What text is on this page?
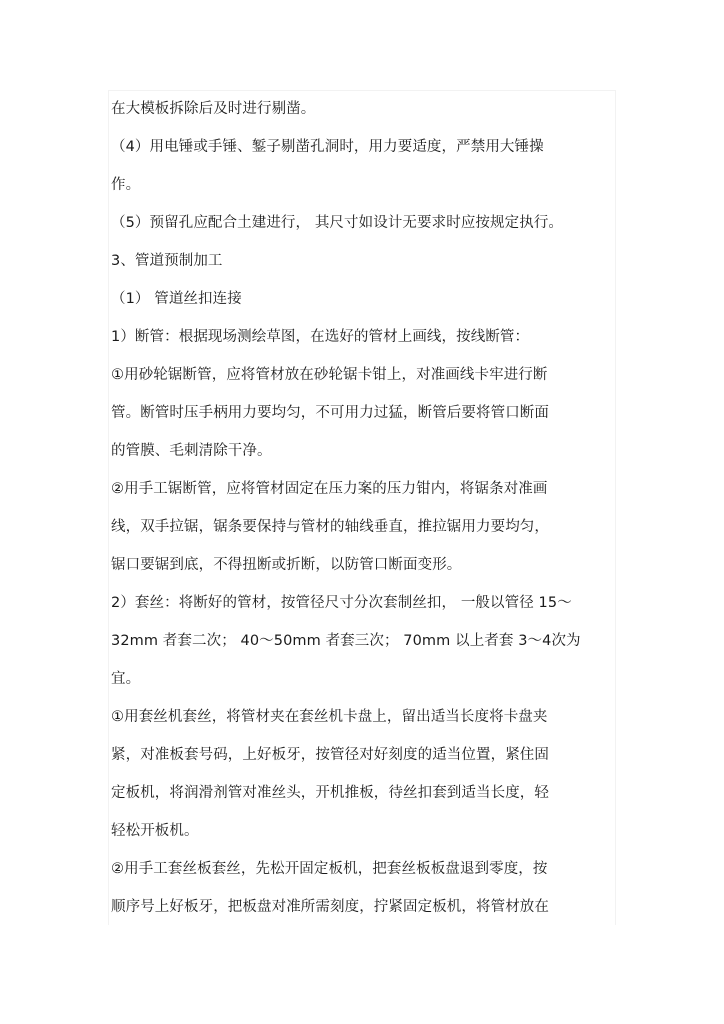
在大模板拆除后及时进行剔凿。
（4）用电锤或手锤、錾子剔凿孔洞时，用力要适度，严禁用大锤操
作。
（5）预留孔应配合土建进行， 其尺寸如设计无要求时应按规定执行。
3、管道预制加工
（1） 管道丝扣连接
1）断管：根据现场测绘草图，在选好的管材上画线，按线断管：
①用砂轮锯断管，应将管材放在砂轮锯卡钳上，对准画线卡牢进行断
管。断管时压手柄用力要均匀，不可用力过猛，断管后要将管口断面
的管膜、毛刺清除干净。
②用手工锯断管，应将管材固定在压力案的压力钳内，将锯条对准画
线，双手拉锯，锯条要保持与管材的轴线垂直，推拉锯用力要均匀，
锯口要锯到底，不得扭断或折断，以防管口断面变形。
2）套丝：将断好的管材，按管径尺寸分次套制丝扣， 一般以管径 15～
32mm 者套二次； 40～50mm 者套三次； 70mm 以上者套 3～4次为
宜。
①用套丝机套丝，将管材夹在套丝机卡盘上，留出适当长度将卡盘夹
紧，对准板套号码，上好板牙，按管径对好刻度的适当位置，紧住固
定板机，将润滑剂管对准丝头，开机推板，待丝扣套到适当长度，轻
轻松开板机。
②用手工套丝板套丝，先松开固定板机，把套丝板板盘退到零度，按
顺序号上好板牙，把板盘对准所需刻度，拧紧固定板机，将管材放在
